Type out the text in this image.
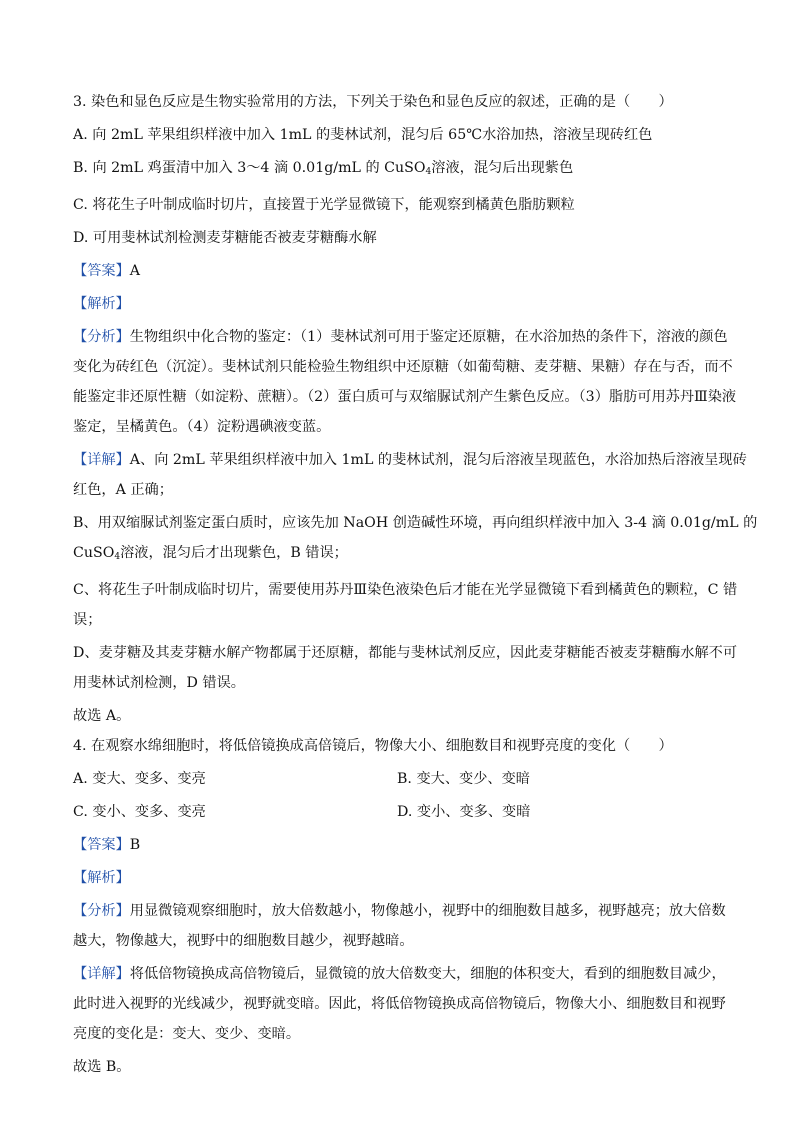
3. 染色和显色反应是生物实验常用的方法，下列关于染色和显色反应的叙述，正确的是（　　）

A. 向 2mL 苹果组织样液中加入 1mL 的斐林试剂，混匀后 65℃水浴加热，溶液呈现砖红色

B. 向 2mL 鸡蛋清中加入 3～4 滴 0.01g/mL 的 CuSO$_4$溶液，混匀后出现紫色

C. 将花生子叶制成临时切片，直接置于光学显微镜下，能观察到橘黄色脂肪颗粒

D. 可用斐林试剂检测麦芽糖能否被麦芽糖酶水解

【答案】A

【解析】

【分析】生物组织中化合物的鉴定：（1）斐林试剂可用于鉴定还原糖，在水浴加热的条件下，溶液的颜色

变化为砖红色（沉淀）。斐林试剂只能检验生物组织中还原糖（如葡萄糖、麦芽糖、果糖）存在与否，而不

能鉴定非还原性糖（如淀粉、蔗糖）。（2）蛋白质可与双缩脲试剂产生紫色反应。（3）脂肪可用苏丹Ⅲ染液

鉴定，呈橘黄色。（4）淀粉遇碘液变蓝。

【详解】A、向 2mL 苹果组织样液中加入 1mL 的斐林试剂，混匀后溶液呈现蓝色，水浴加热后溶液呈现砖

红色，A 正确；

B、用双缩脲试剂鉴定蛋白质时，应该先加 NaOH 创造碱性环境，再向组织样液中加入 3-4 滴 0.01g/mL 的

CuSO$_4$溶液，混匀后才出现紫色，B 错误；

C、将花生子叶制成临时切片，需要使用苏丹Ⅲ染色液染色后才能在光学显微镜下看到橘黄色的颗粒，C 错

误；

D、麦芽糖及其麦芽糖水解产物都属于还原糖，都能与斐林试剂反应，因此麦芽糖能否被麦芽糖酶水解不可

用斐林试剂检测，D 错误。

故选 A。

4. 在观察水绵细胞时，将低倍镜换成高倍镜后，物像大小、细胞数目和视野亮度的变化（　　）

A. 变大、变多、变亮	B. 变大、变少、变暗
C. 变小、变多、变亮	D. 变小、变多、变暗

【答案】B

【解析】

【分析】用显微镜观察细胞时，放大倍数越小，物像越小，视野中的细胞数目越多，视野越亮；放大倍数

越大，物像越大，视野中的细胞数目越少，视野越暗。

【详解】将低倍物镜换成高倍物镜后，显微镜的放大倍数变大，细胞的体积变大，看到的细胞数目减少，

此时进入视野的光线减少，视野就变暗。因此，将低倍物镜换成高倍物镜后，物像大小、细胞数目和视野

亮度的变化是：变大、变少、变暗。

故选 B。
